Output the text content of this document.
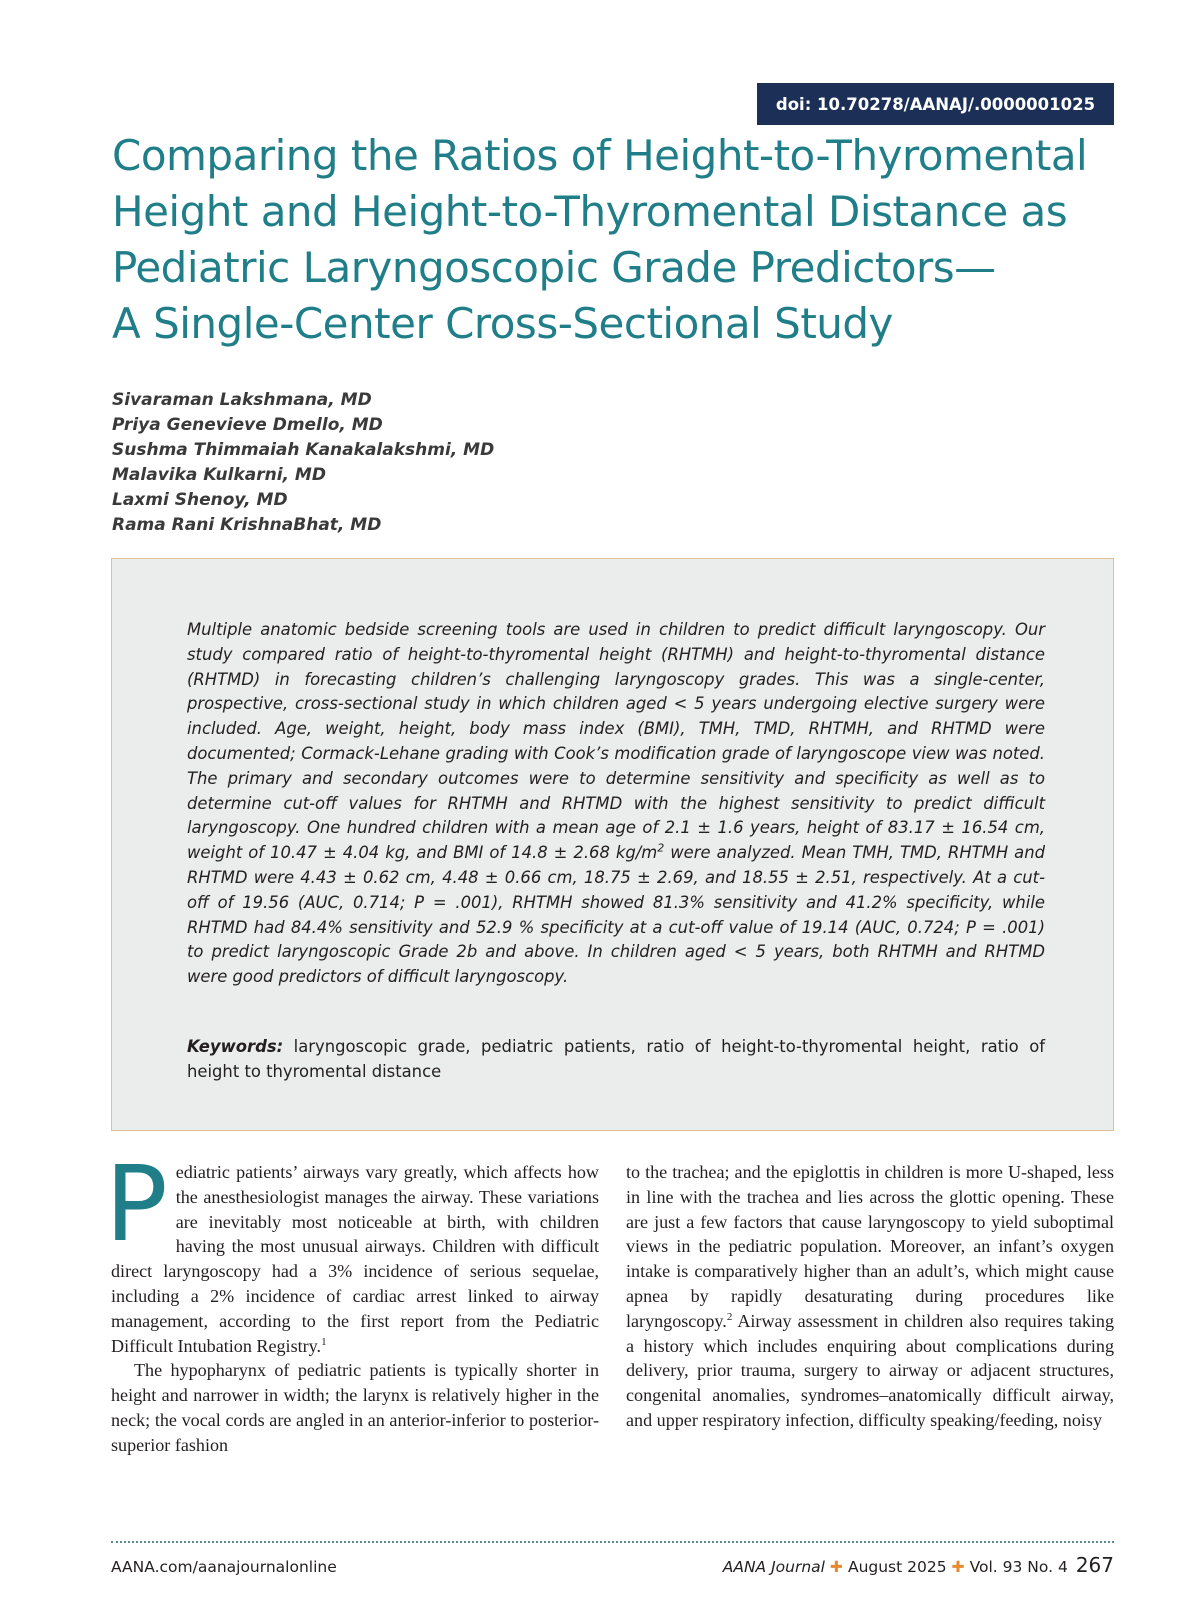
doi: 10.70278/AANAJ/.0000001025
Comparing the Ratios of Height-to-Thyromental
Height and Height-to-Thyromental Distance as
Pediatric Laryngoscopic Grade Predictors—
A Single-Center Cross-Sectional Study
Sivaraman Lakshmana, MD
Priya Genevieve Dmello, MD
Sushma Thimmaiah Kanakalakshmi, MD
Malavika Kulkarni, MD
Laxmi Shenoy, MD
Rama Rani KrishnaBhat, MD

Multiple anatomic bedside screening tools are used in children to predict difficult laryngoscopy. Our study compared ratio of height-to-thyromental height (RHTMH) and height-to-thyromental distance (RHTMD) in forecasting children’s challenging laryngoscopy grades. This was a single-center, prospective, cross-sectional study in which children aged < 5 years undergoing elective surgery were included. Age, weight, height, body mass index (BMI), TMH, TMD, RHTMH, and RHTMD were documented; Cormack-Lehane grading with Cook’s modification grade of laryngoscope view was noted. The primary and secondary outcomes were to determine sensitivity and specificity as well as to determine cut-off values for RHTMH and RHTMD with the highest sensitivity to predict difficult laryngoscopy. One hundred children with a mean age of 2.1 ± 1.6 years, height of 83.17 ± 16.54 cm, weight of 10.47 ± 4.04 kg, and BMI of 14.8 ± 2.68 $kg/m^2$ were analyzed. Mean TMH, TMD, RHTMH and RHTMD were 4.43 ± 0.62 cm, 4.48 ± 0.66 cm, 18.75 ± 2.69, and 18.55 ± 2.51, respectively. At a cut-off of 19.56 (AUC, 0.714; P = .001), RHTMH showed 81.3% sensitivity and 41.2% specificity, while RHTMD had 84.4% sensitivity and 52.9 % specificity at a cut-off value of 19.14 (AUC, 0.724; P = .001) to predict laryngoscopic Grade 2b and above. In children aged < 5 years, both RHTMH and RHTMD were good predictors of difficult laryngoscopy.

Keywords: laryngoscopic grade, pediatric patients, ratio of height-to-thyromental height, ratio of height to thyromental distance

Pediatric patients’ airways vary greatly, which affects how the anesthesiologist manages the airway. These variations are inevitably most noticeable at birth, with children having the most unusual airways. Children with difficult direct laryngoscopy had a 3% incidence of serious sequelae, including a 2% incidence of cardiac arrest linked to airway management, according to the first report from the Pediatric Difficult Intubation Registry.$^1$

The hypopharynx of pediatric patients is typically shorter in height and narrower in width; the larynx is relatively higher in the neck; the vocal cords are angled in an anterior-inferior to posterior-superior fashion

to the trachea; and the epiglottis in children is more U-shaped, less in line with the trachea and lies across the glottic opening. These are just a few factors that cause laryngoscopy to yield suboptimal views in the pediatric population. Moreover, an infant’s oxygen intake is comparatively higher than an adult’s, which might cause apnea by rapidly desaturating during procedures like laryngoscopy.$^2$ Airway assessment in children also requires taking a history which includes enquiring about complications during delivery, prior trauma, surgery to airway or adjacent structures, congenital anomalies, syndromes–anatomically difficult airway, and upper respiratory infection, difficulty speaking/feeding, noisy

AANA.com/aanajournalonline	AANA Journal ✚ August 2025 ✚ Vol. 93 No. 4 267
